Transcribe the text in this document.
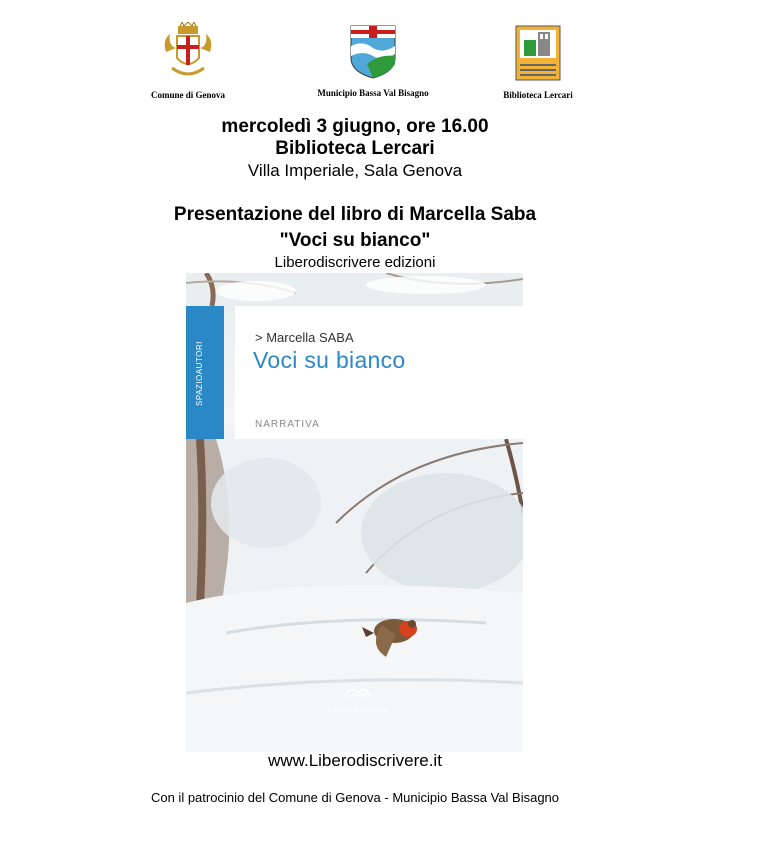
Comune di Genova	Municipio Bassa Val Bisagno	Biblioteca Lercari
mercoledì 3 giugno, ore 16.00
Biblioteca Lercari
Villa Imperiale, Sala Genova
Presentazione del libro di Marcella Saba
"Voci su bianco"
Liberodiscrivere edizioni
SPAZIOAUTORI
> Marcella SABA
Voci su bianco
NARRATIVA
Liberodiscrivere
www.Liberodiscrivere.it
Con il patrocinio del Comune di Genova - Municipio Bassa Val Bisagno
